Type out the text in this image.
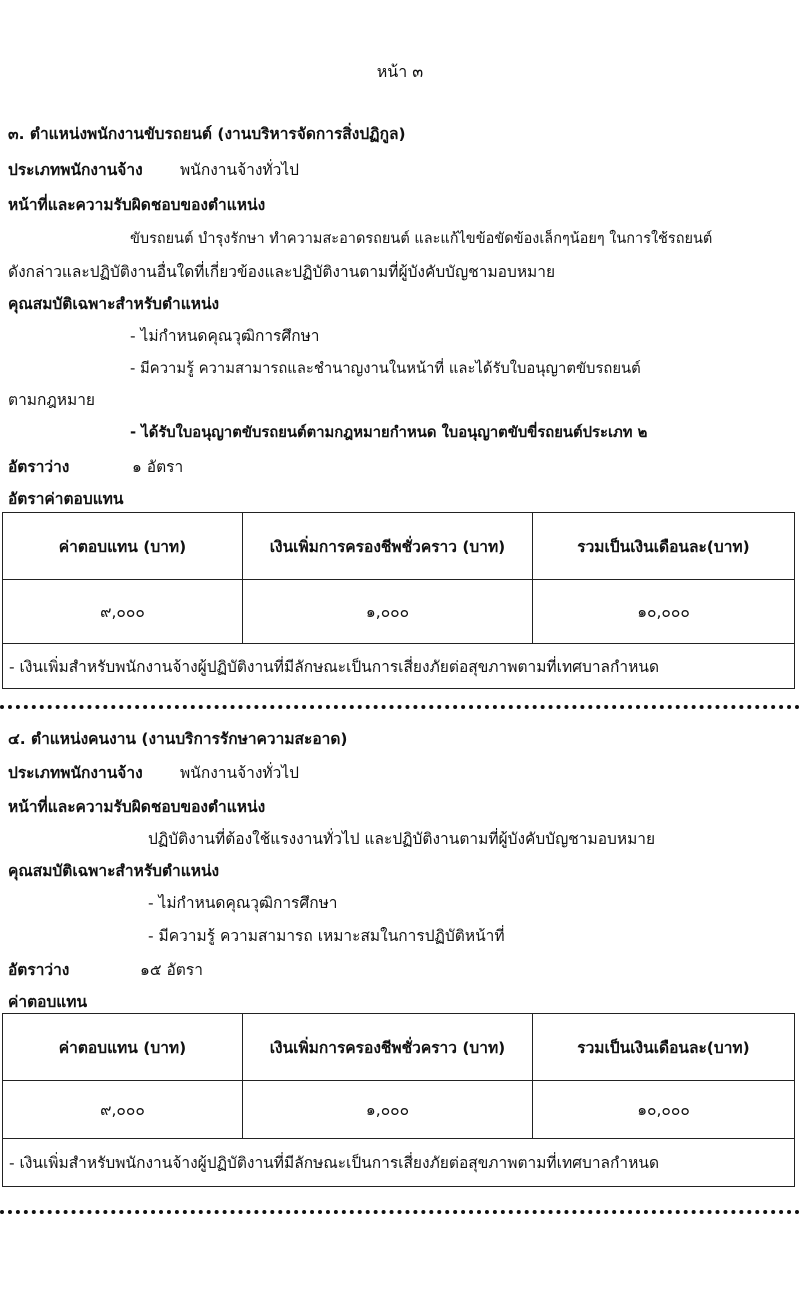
หน้า ๓
๓. ตำแหน่งพนักงานขับรถยนต์ (งานบริหารจัดการสิ่งปฏิกูล)
ประเภทพนักงานจ้าง พนักงานจ้างทั่วไป
หน้าที่และความรับผิดชอบของตำแหน่ง
ขับรถยนต์ บำรุงรักษา ทำความสะอาดรถยนต์ และแก้ไขข้อขัดข้องเล็กๆน้อยๆ ในการใช้รถยนต์
ดังกล่าวและปฏิบัติงานอื่นใดที่เกี่ยวข้องและปฏิบัติงานตามที่ผู้บังคับบัญชามอบหมาย
คุณสมบัติเฉพาะสำหรับตำแหน่ง
- ไม่กำหนดคุณวุฒิการศึกษา
- มีความรู้ ความสามารถและชำนาญงานในหน้าที่ และได้รับใบอนุญาตขับรถยนต์
ตามกฎหมาย
- ได้รับใบอนุญาตขับรถยนต์ตามกฎหมายกำหนด ใบอนุญาตขับขี่รถยนต์ประเภท ๒
อัตราว่าง	๑ อัตรา
อัตราค่าตอบแทน
ค่าตอบแทน (บาท)	เงินเพิ่มการครองชีพชั่วคราว (บาท)	รวมเป็นเงินเดือนละ(บาท)
๙,๐๐๐	๑,๐๐๐	๑๐,๐๐๐
- เงินเพิ่มสำหรับพนักงานจ้างผู้ปฏิบัติงานที่มีลักษณะเป็นการเสี่ยงภัยต่อสุขภาพตามที่เทศบาลกำหนด		
๔. ตำแหน่งคนงาน (งานบริการรักษาความสะอาด)
ประเภทพนักงานจ้าง พนักงานจ้างทั่วไป
หน้าที่และความรับผิดชอบของตำแหน่ง
ปฏิบัติงานที่ต้องใช้แรงงานทั่วไป และปฏิบัติงานตามที่ผู้บังคับบัญชามอบหมาย
คุณสมบัติเฉพาะสำหรับตำแหน่ง
- ไม่กำหนดคุณวุฒิการศึกษา
- มีความรู้ ความสามารถ เหมาะสมในการปฏิบัติหน้าที่
อัตราว่าง	๑๕ อัตรา
ค่าตอบแทน
ค่าตอบแทน (บาท)	เงินเพิ่มการครองชีพชั่วคราว (บาท)	รวมเป็นเงินเดือนละ(บาท)
๙,๐๐๐	๑,๐๐๐	๑๐,๐๐๐
- เงินเพิ่มสำหรับพนักงานจ้างผู้ปฏิบัติงานที่มีลักษณะเป็นการเสี่ยงภัยต่อสุขภาพตามที่เทศบาลกำหนด		
